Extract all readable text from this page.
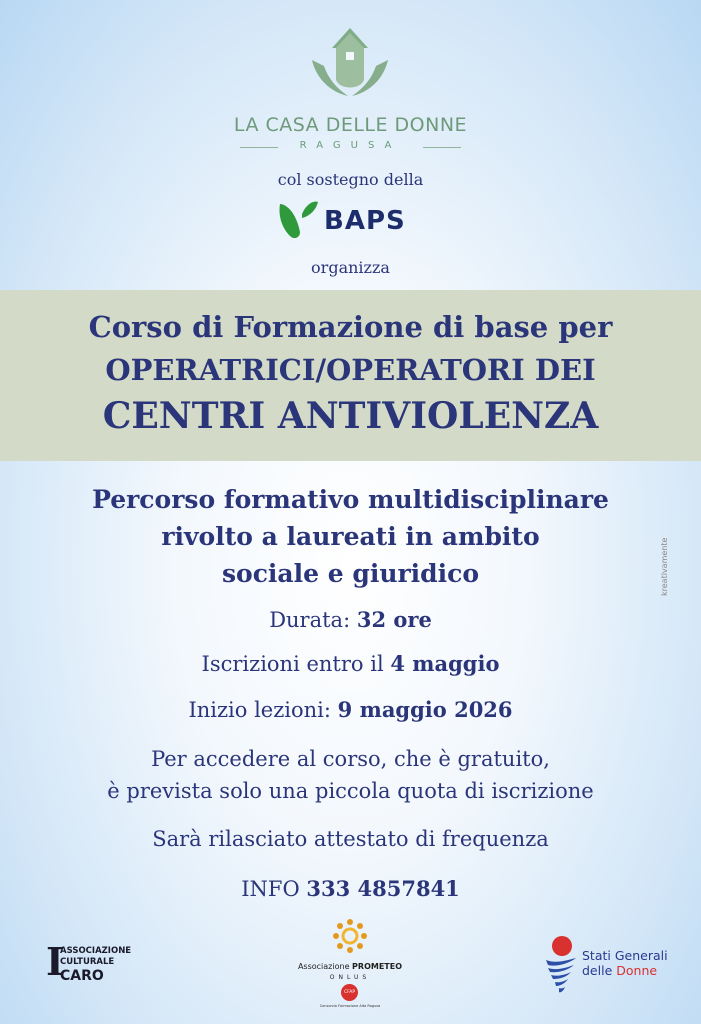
LA CASA DELLE DONNE
RAGUSA
col sostegno della
BAPS
organizza
Corso di Formazione di base per
OPERATRICI/OPERATORI DEI
CENTRI ANTIVIOLENZA
Percorso formativo multidisciplinare
rivolto a laureati in ambito
sociale e giuridico
Durata: 32 ore
Iscrizioni entro il 4 maggio
Inizio lezioni: 9 maggio 2026
Per accedere al corso, che è gratuito,
è prevista solo una piccola quota di iscrizione
Sarà rilasciato attestato di frequenza
INFO 333 4857841
kreativamente
I
ASSOCIAZIONE
CULTURALE
CARO
Associazione PROMETEO
ONLUS
CFAP
Consorzio Formazione Alta Ragusa
Stati Generali
delle Donne
